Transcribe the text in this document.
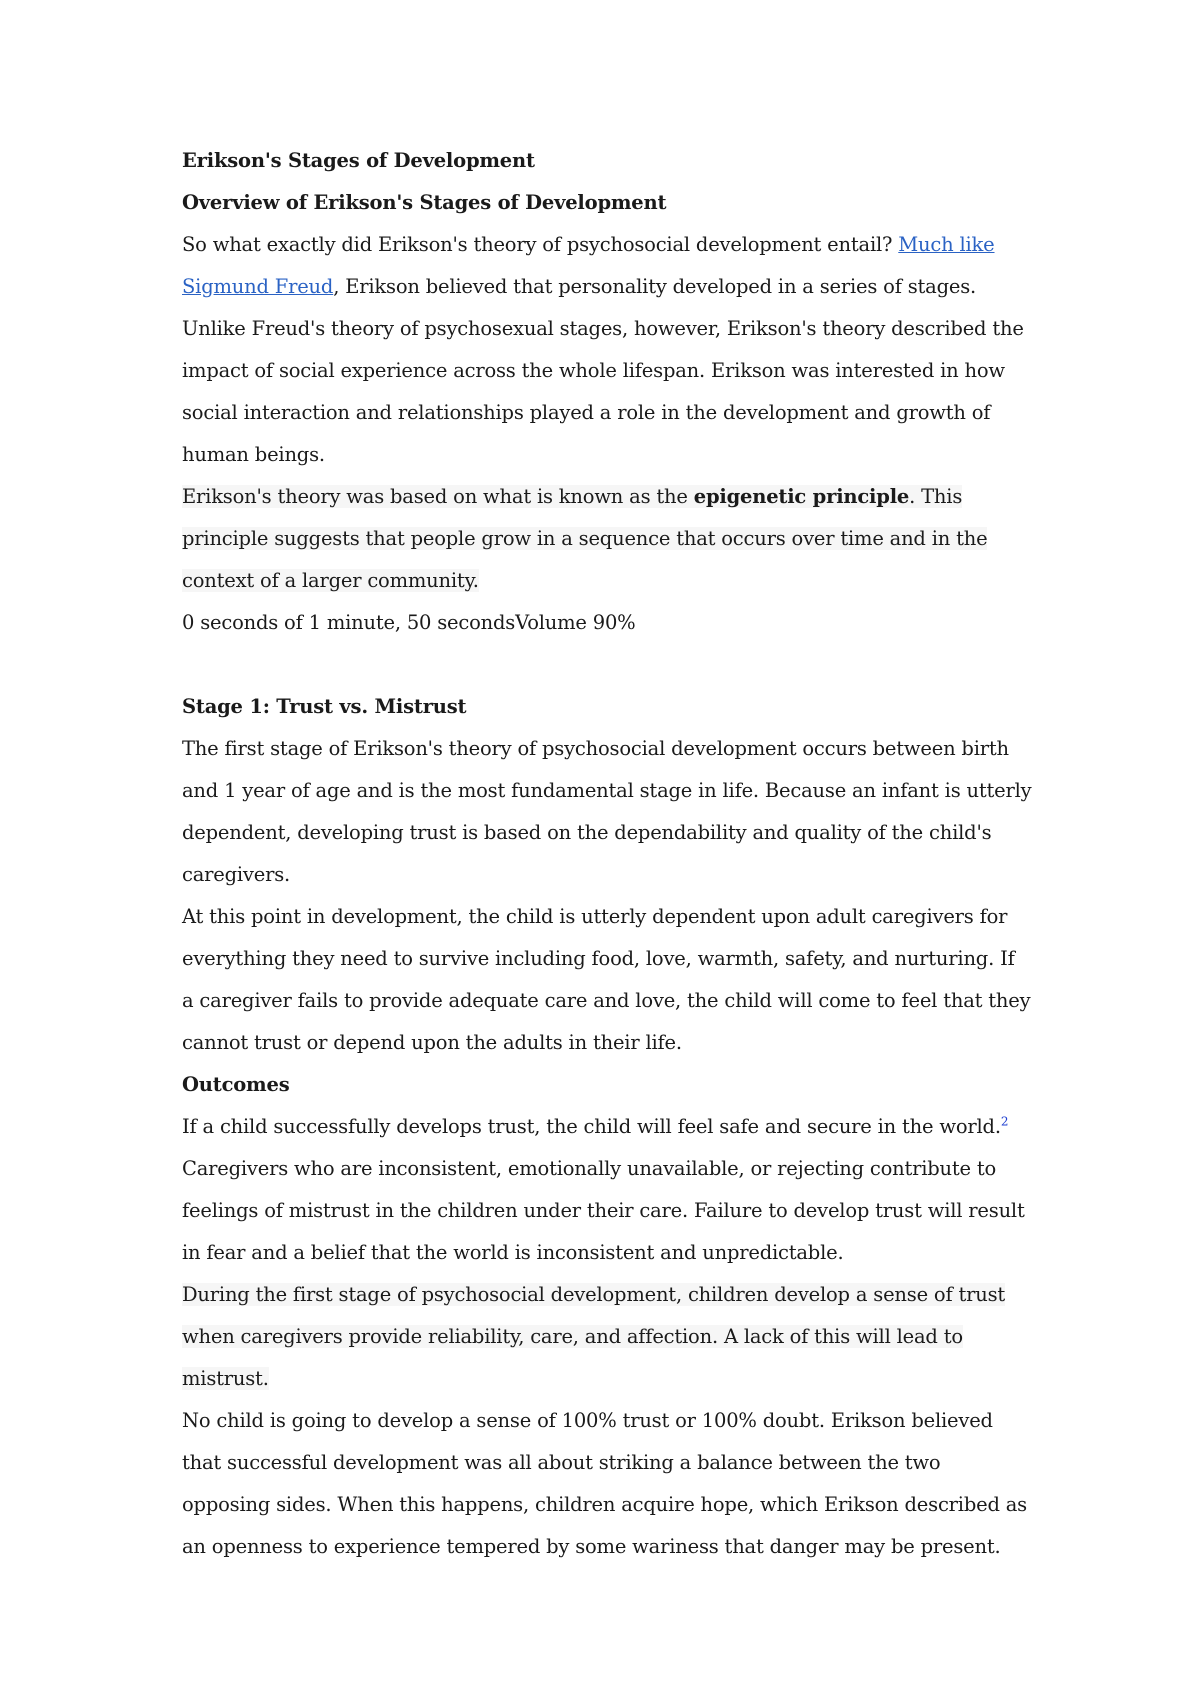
Erikson's Stages of Development

Overview of Erikson's Stages of Development

So what exactly did Erikson's theory of psychosocial development entail? Much like Sigmund Freud, Erikson believed that personality developed in a series of stages. Unlike Freud's theory of psychosexual stages, however, Erikson's theory described the impact of social experience across the whole lifespan. Erikson was interested in how social interaction and relationships played a role in the development and growth of human beings.

Erikson's theory was based on what is known as the epigenetic principle. This principle suggests that people grow in a sequence that occurs over time and in the context of a larger community.

0 seconds of 1 minute, 50 secondsVolume 90%

Stage 1: Trust vs. Mistrust

The first stage of Erikson's theory of psychosocial development occurs between birth and 1 year of age and is the most fundamental stage in life. Because an infant is utterly dependent, developing trust is based on the dependability and quality of the child's caregivers.

At this point in development, the child is utterly dependent upon adult caregivers for everything they need to survive including food, love, warmth, safety, and nurturing. If a caregiver fails to provide adequate care and love, the child will come to feel that they cannot trust or depend upon the adults in their life.

Outcomes

If a child successfully develops trust, the child will feel safe and secure in the world.$^2$

Caregivers who are inconsistent, emotionally unavailable, or rejecting contribute to feelings of mistrust in the children under their care. Failure to develop trust will result in fear and a belief that the world is inconsistent and unpredictable.

During the first stage of psychosocial development, children develop a sense of trust when caregivers provide reliability, care, and affection. A lack of this will lead to mistrust.

No child is going to develop a sense of 100% trust or 100% doubt. Erikson believed that successful development was all about striking a balance between the two opposing sides. When this happens, children acquire hope, which Erikson described as an openness to experience tempered by some wariness that danger may be present.
